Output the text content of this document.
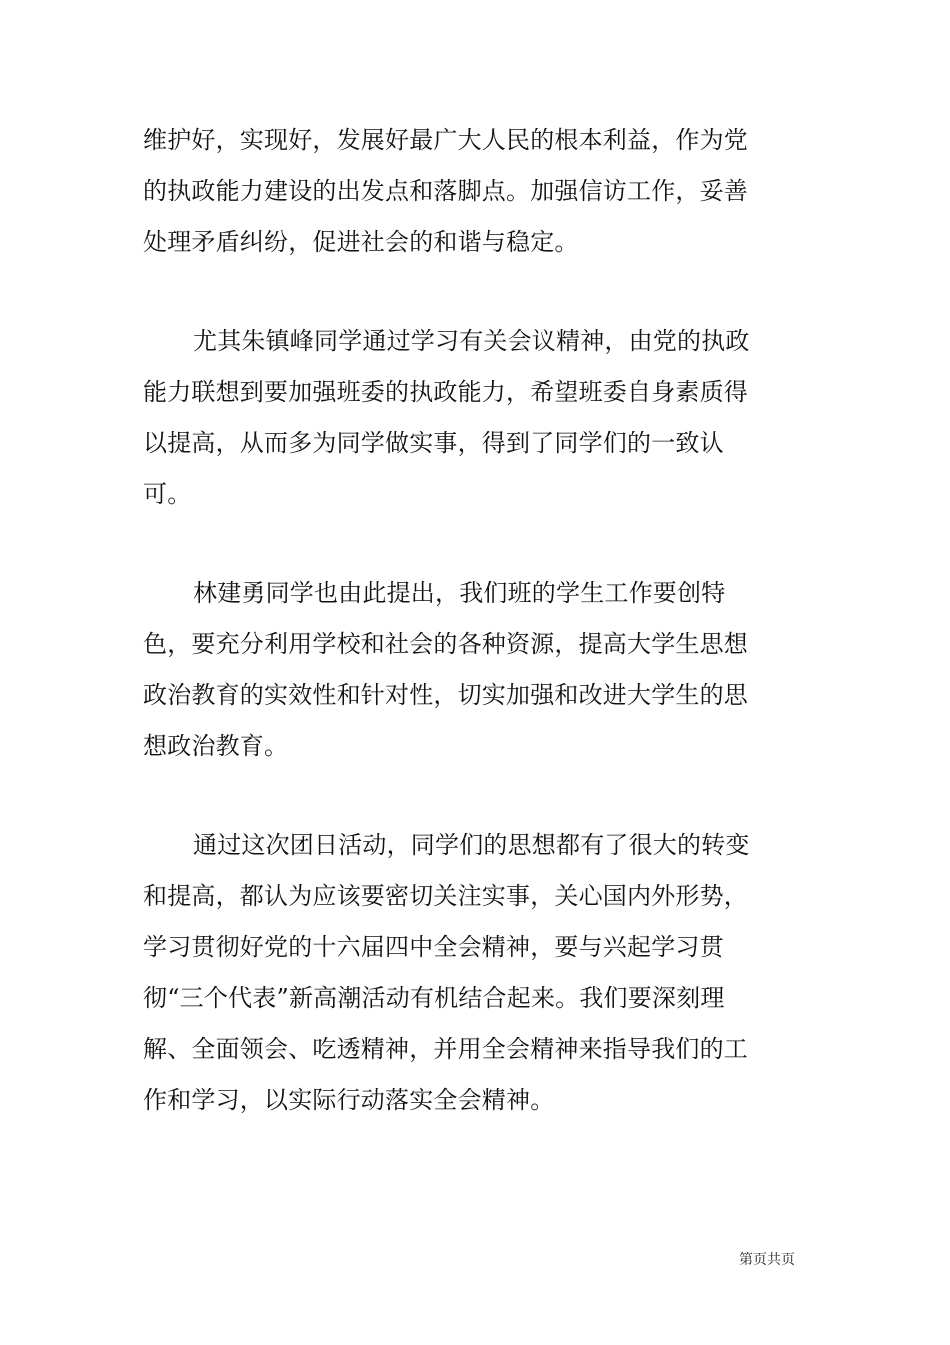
维护好，实现好，发展好最广大人民的根本利益，作为党的执政能力建设的出发点和落脚点。加强信访工作，妥善处理矛盾纠纷，促进社会的和谐与稳定。

尤其朱镇峰同学通过学习有关会议精神，由党的执政能力联想到要加强班委的执政能力，希望班委自身素质得以提高，从而多为同学做实事，得到了同学们的一致认可。

林建勇同学也由此提出，我们班的学生工作要创特色，要充分利用学校和社会的各种资源，提高大学生思想政治教育的实效性和针对性，切实加强和改进大学生的思想政治教育。

通过这次团日活动，同学们的思想都有了很大的转变和提高，都认为应该要密切关注实事，关心国内外形势，学习贯彻好党的十六届四中全会精神，要与兴起学习贯彻“三个代表”新高潮活动有机结合起来。我们要深刻理解、全面领会、吃透精神，并用全会精神来指导我们的工作和学习，以实际行动落实全会精神。

第页共页
